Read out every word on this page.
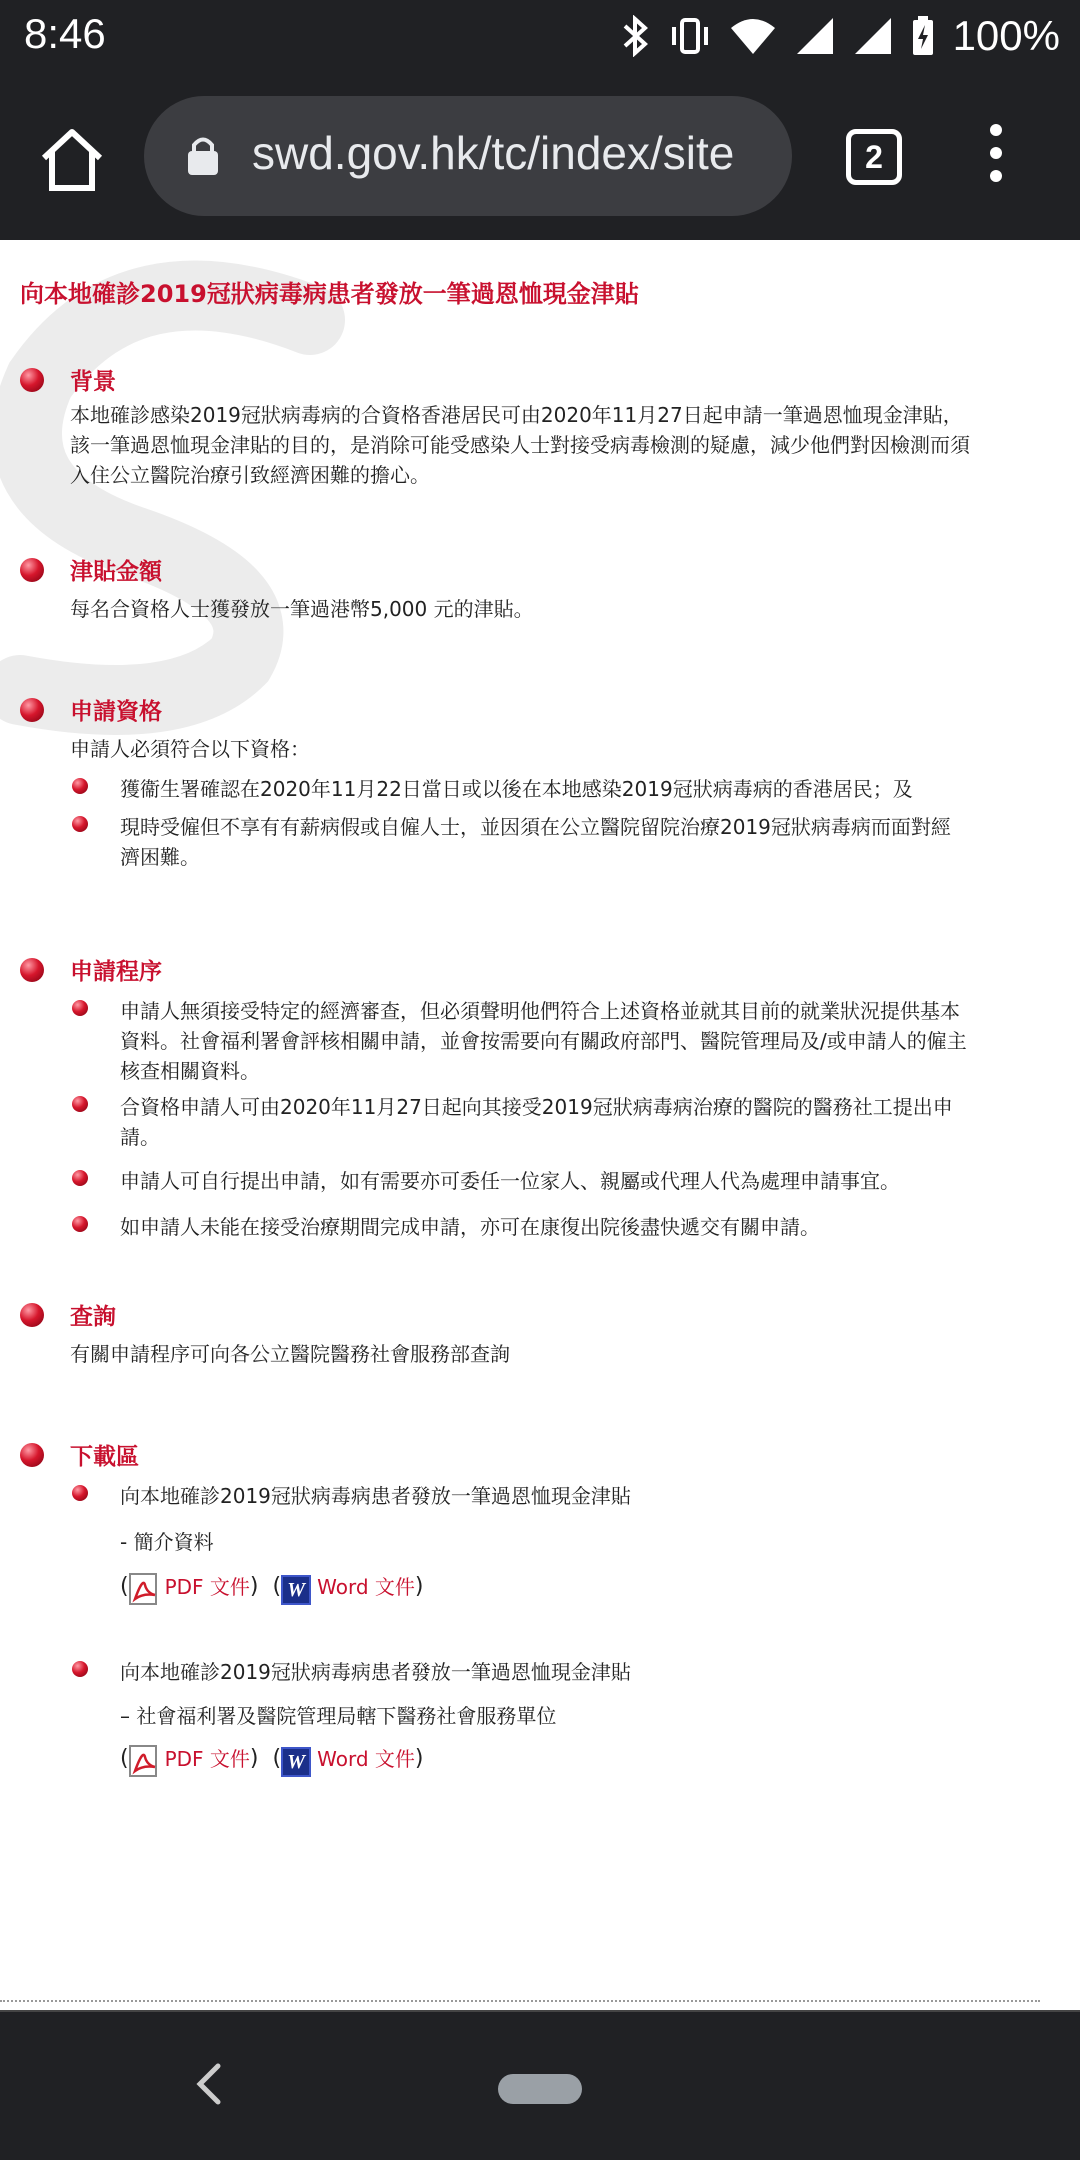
8:46	100%
swd.gov.hk/tc/index/site	2
向本地確診2019冠狀病毒病患者發放一筆過恩恤現金津貼
背景

本地確診感染2019冠狀病毒病的合資格香港居民可由2020年11月27日起申請一筆過恩恤現金津貼，該一筆過恩恤現金津貼的目的，是消除可能受感染人士對接受病毒檢測的疑慮，減少他們對因檢測而須入住公立醫院治療引致經濟困難的擔心。

津貼金額

每名合資格人士獲發放一筆過港幣5,000 元的津貼。

申請資格

申請人必須符合以下資格：

獲衞生署確認在2020年11月22日當日或以後在本地感染2019冠狀病毒病的香港居民；及
現時受僱但不享有有薪病假或自僱人士，並因須在公立醫院留院治療2019冠狀病毒病而面對經濟困難。
申請程序
申請人無須接受特定的經濟審查，但必須聲明他們符合上述資格並就其目前的就業狀況提供基本資料。社會福利署會評核相關申請，並會按需要向有關政府部門、醫院管理局及/或申請人的僱主核查相關資料。
合資格申請人可由2020年11月27日起向其接受2019冠狀病毒病治療的醫院的醫務社工提出申請。
申請人可自行提出申請，如有需要亦可委任一位家人、親屬或代理人代為處理申請事宜。
如申請人未能在接受治療期間完成申請，亦可在康復出院後盡快遞交有關申請。
查詢

有關申請程序可向各公立醫院醫務社會服務部查詢

下載區
向本地確診2019冠狀病毒病患者發放一筆過恩恤現金津貼
- 簡介資料
( PDF 文件 )
( W Word 文件 )
向本地確診2019冠狀病毒病患者發放一筆過恩恤現金津貼
– 社會福利署及醫院管理局轄下醫務社會服務單位
( PDF 文件 )
( W Word 文件 )
